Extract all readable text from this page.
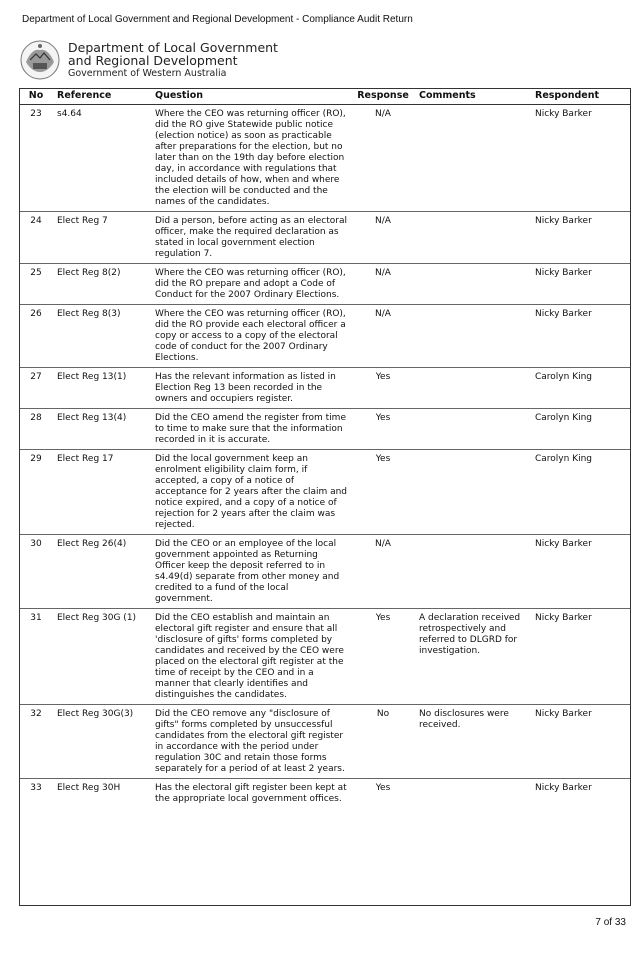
Department of Local Government and Regional Development - Compliance Audit Return
Department of Local Government
and Regional Development
Government of Western Australia
No	Reference	Question	Response	Comments	Respondent
23	s4.64	Where the CEO was returning officer (RO), did the RO give Statewide public notice (election notice) as soon as practicable after preparations for the election, but no later than on the 19th day before election day, in accordance with regulations that included details of how, when and where the election will be conducted and the names of the candidates.	N/A		Nicky Barker
24	Elect Reg 7	Did a person, before acting as an electoral officer, make the required declaration as stated in local government election regulation 7.	N/A		Nicky Barker
25	Elect Reg 8(2)	Where the CEO was returning officer (RO), did the RO prepare and adopt a Code of Conduct for the 2007 Ordinary Elections.	N/A		Nicky Barker
26	Elect Reg 8(3)	Where the CEO was returning officer (RO), did the RO provide each electoral officer a copy or access to a copy of the electoral code of conduct for the 2007 Ordinary Elections.	N/A		Nicky Barker
27	Elect Reg 13(1)	Has the relevant information as listed in Election Reg 13 been recorded in the owners and occupiers register.	Yes		Carolyn King
28	Elect Reg 13(4)	Did the CEO amend the register from time to time to make sure that the information recorded in it is accurate.	Yes		Carolyn King
29	Elect Reg 17	Did the local government keep an enrolment eligibility claim form, if accepted, a copy of a notice of acceptance for 2 years after the claim and notice expired, and a copy of a notice of rejection for 2 years after the claim was rejected.	Yes		Carolyn King
30	Elect Reg 26(4)	Did the CEO or an employee of the local government appointed as Returning Officer keep the deposit referred to in s4.49(d) separate from other money and credited to a fund of the local government.	N/A		Nicky Barker
31	Elect Reg 30G (1)	Did the CEO establish and maintain an electoral gift register and ensure that all 'disclosure of gifts' forms completed by candidates and received by the CEO were placed on the electoral gift register at the time of receipt by the CEO and in a manner that clearly identifies and distinguishes the candidates.	Yes	A declaration received retrospectively and referred to DLGRD for investigation.	Nicky Barker
32	Elect Reg 30G(3)	Did the CEO remove any "disclosure of gifts" forms completed by unsuccessful candidates from the electoral gift register in accordance with the period under regulation 30C and retain those forms separately for a period of at least 2 years.	No	No disclosures were received.	Nicky Barker
33	Elect Reg 30H	Has the electoral gift register been kept at the appropriate local government offices.	Yes		Nicky Barker
7 of 33
